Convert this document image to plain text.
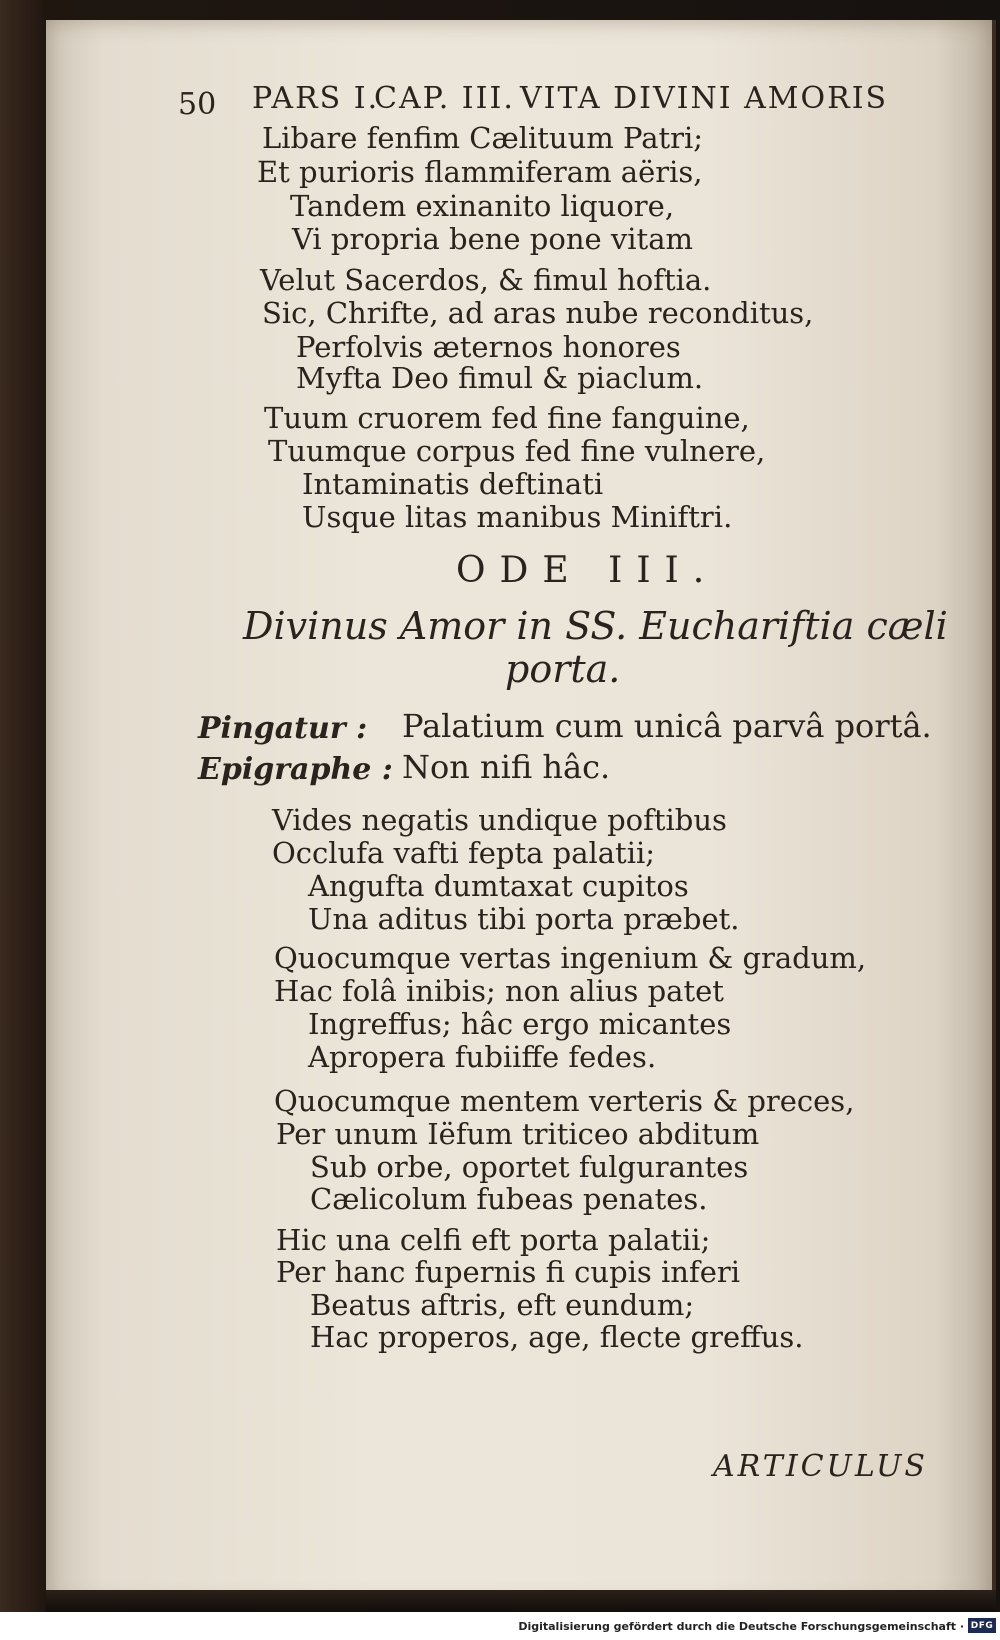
50 PARS I.
CAP. III. VITA DIVINI AMORIS
Libare fenfim Cælituum Patri;
Et purioris flammiferam aëris,
Tandem exinanito liquore,
Vi propria bene pone vitam
Velut Sacerdos, & fimul hoftia.
Sic, Chrifte, ad aras nube reconditus,
Perfolvis æternos honores
Myfta Deo fimul & piaclum.
Tuum cruorem fed fine fanguine,
Tuumque corpus fed fine vulnere,
Intaminatis deftinati
Usque litas manibus Miniftri.
ODE III.
Divinus Amor in SS. Euchariftia cæli
porta.
Pingatur : Palatium cum unicâ parvâ portâ.
Epigraphe : Non nifi hâc.
Vides negatis undique poftibus
Occlufa vafti fepta palatii;
Angufta dumtaxat cupitos
Una aditus tibi porta præbet.
Quocumque vertas ingenium & gradum,
Hac folâ inibis; non alius patet
Ingreffus; hâc ergo micantes
Apropera fubiiffe fedes.
Quocumque mentem verteris & preces,
Per unum Iëfum triticeo abditum
Sub orbe, oportet fulgurantes
Cælicolum fubeas penates.
Hic una celfi eft porta palatii;
Per hanc fupernis fi cupis inferi
Beatus aftris, eft eundum;
Hac properos, age, flecte greffus.
ARTICULUS
Digitalisierung gefördert durch die Deutsche Forschungsgemeinschaft · DFG
